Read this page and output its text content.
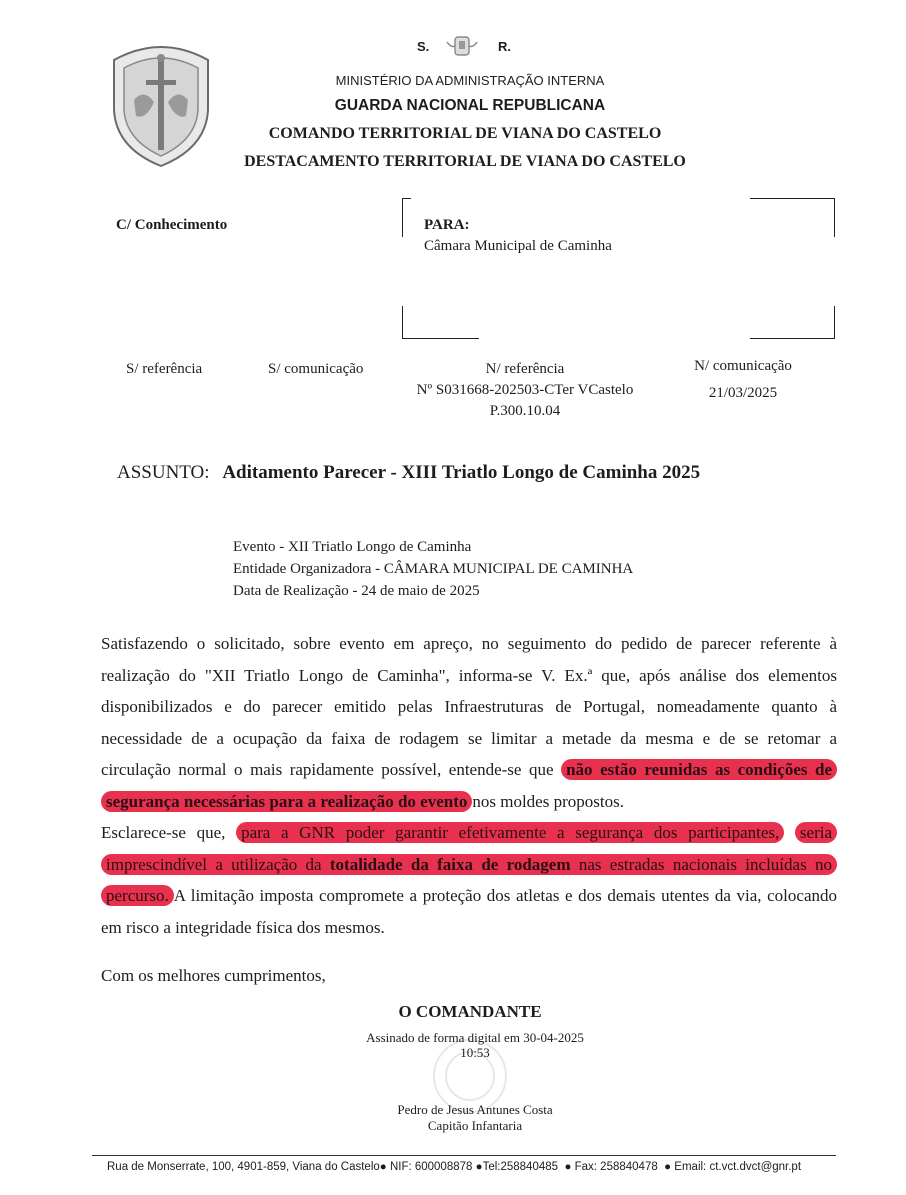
S.	R.
MINISTÉRIO DA ADMINISTRAÇÃO INTERNA
GUARDA NACIONAL REPUBLICANA
COMANDO TERRITORIAL DE VIANA DO CASTELO
DESTACAMENTO TERRITORIAL DE VIANA DO CASTELO
C/ Conhecimento	PARA:
Câmara Municipal de Caminha
S/ referência	S/ comunicação	N/ referência
Nº S031668-202503-CTer VCastelo
P.300.10.04
N/ comunicação
21/03/2025
ASSUNTO: Aditamento Parecer - XIII Triatlo Longo de Caminha 2025
Evento - XII Triatlo Longo de Caminha
Entidade Organizadora - CÂMARA MUNICIPAL DE CAMINHA
Data de Realização - 24 de maio de 2025
Satisfazendo o solicitado, sobre evento em apreço, no seguimento do pedido de parecer referente à
realização do "XII Triatlo Longo de Caminha", informa-se V. Ex.ª que, após análise dos elementos
disponibilizados e do parecer emitido pelas Infraestruturas de Portugal, nomeadamente quanto à
necessidade de a ocupação da faixa de rodagem se limitar a metade da mesma e de se retomar a
circulação normal o mais rapidamente possível, entende-se que não estão reunidas as condições de
segurança necessárias para a realização do evento nos moldes propostos.
Esclarece-se que, para a GNR poder garantir efetivamente a segurança dos participantes, seria
imprescindível a utilização da totalidade da faixa de rodagem nas estradas nacionais incluídas no
percurso. A limitação imposta compromete a proteção dos atletas e dos demais utentes da via, colocando
em risco a integridade física dos mesmos.
Com os melhores cumprimentos,
O COMANDANTE
Assinado de forma digital em 30-04-2025
10:53
Pedro de Jesus Antunes Costa
Capitão Infantaria
Rua de Monserrate, 100, 4901-859, Viana do Castelo● NIF: 600008878 ●Tel:258840485  ● Fax: 258840478  ● Email: ct.vct.dvct@gnr.pt
